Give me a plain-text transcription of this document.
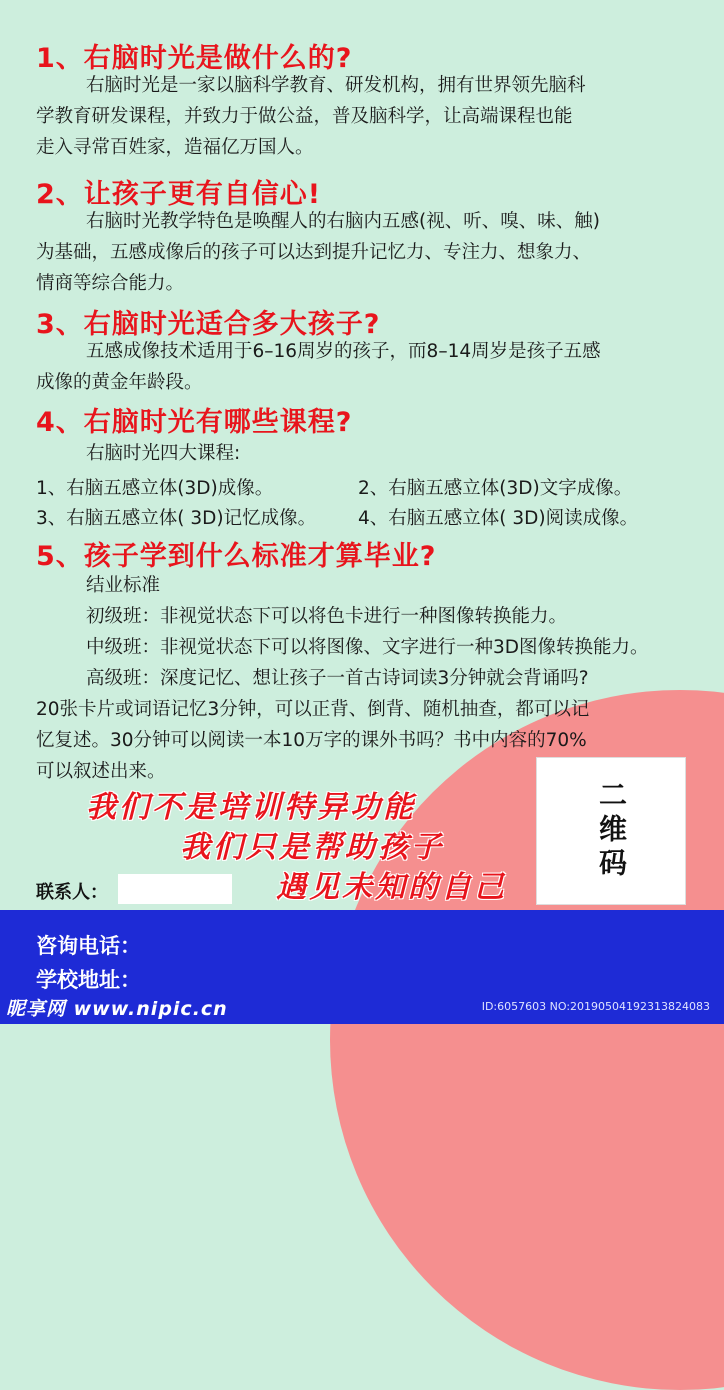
1、右脑时光是做什么的?
右脑时光是一家以脑科学教育、研发机构，拥有世界领先脑科
学教育研发课程，并致力于做公益，普及脑科学，让高端课程也能
走入寻常百姓家，造福亿万国人。
2、让孩子更有自信心!
右脑时光教学特色是唤醒人的右脑内五感(视、听、嗅、味、触)
为基础，五感成像后的孩子可以达到提升记忆力、专注力、想象力、
情商等综合能力。
3、右脑时光适合多大孩子?
五感成像技术适用于6–16周岁的孩子，而8–14周岁是孩子五感
成像的黄金年龄段。
4、右脑时光有哪些课程?
右脑时光四大课程:
1、右脑五感立体(3D)成像。	2、右脑五感立体(3D)文字成像。
3、右脑五感立体( 3D)记忆成像。 4、右脑五感立体( 3D)阅读成像。
5、孩子学到什么标准才算毕业?
结业标准
初级班：非视觉状态下可以将色卡进行一种图像转换能力。
中级班：非视觉状态下可以将图像、文字进行一种3D图像转换能力。
高级班：深度记忆、想让孩子一首古诗词读3分钟就会背诵吗?
20张卡片或词语记忆3分钟，可以正背、倒背、随机抽查，都可以记
忆复述。30分钟可以阅读一本10万字的课外书吗？书中内容的70%
可以叙述出来。
我们不是培训特异功能
我们只是帮助孩子
遇见未知的自己
二维码
联系人：
咨询电话：
学校地址：
昵享网 www.nipic.cn	ID:6057603 NO:20190504192313824083
